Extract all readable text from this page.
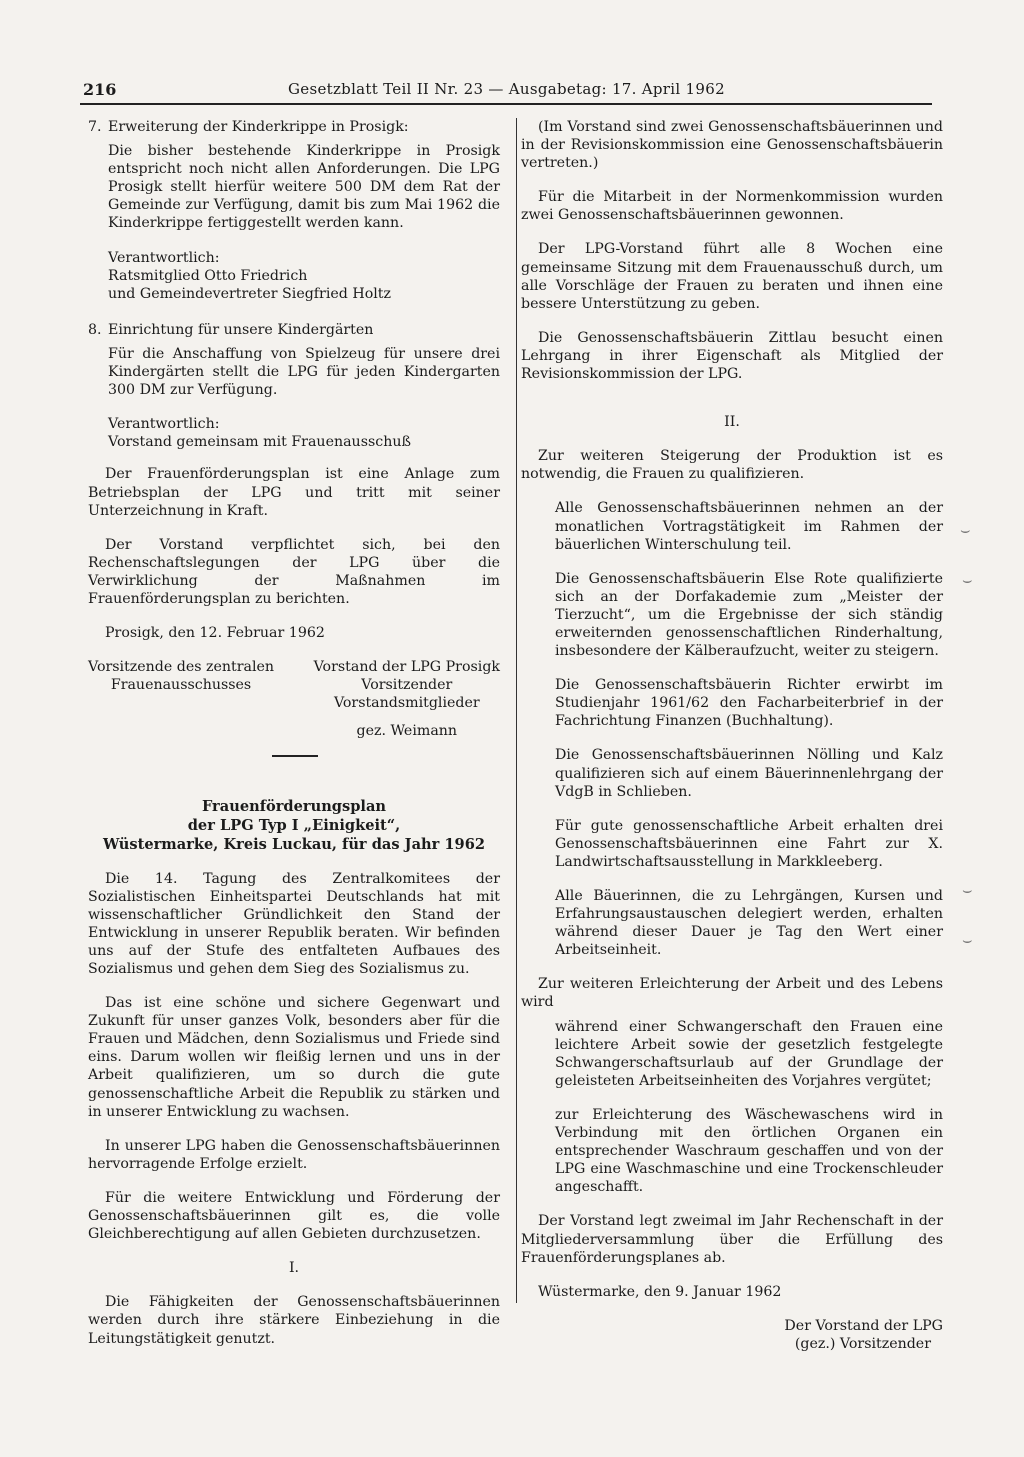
216	Gesetzblatt Teil II Nr. 23 — Ausgabetag: 17. April 1962
7. Erweiterung der Kinderkrippe in Prosigk:

Die bisher bestehende Kinderkrippe in Prosigk entspricht noch nicht allen Anforderungen. Die LPG Prosigk stellt hierfür weitere 500 DM dem Rat der Gemeinde zur Verfügung, damit bis zum Mai 1962 die Kinderkrippe fertiggestellt werden kann.

Verantwortlich:
Ratsmitglied Otto Friedrich
und Gemeindevertreter Siegfried Holtz
8. Einrichtung für unsere Kindergärten

Für die Anschaffung von Spielzeug für unsere drei Kindergärten stellt die LPG für jeden Kindergarten 300 DM zur Verfügung.

Verantwortlich:
Vorstand gemeinsam mit Frauenausschuß

Der Frauenförderungsplan ist eine Anlage zum Betriebsplan der LPG und tritt mit seiner Unterzeichnung in Kraft.

Der Vorstand verpflichtet sich, bei den Rechenschaftslegungen der LPG über die Verwirklichung der Maßnahmen im Frauenförderungsplan zu berichten.

Prosigk, den 12. Februar 1962

Vorsitzende des zentralen
Frauenausschusses
Vorstand der LPG Prosigk
Vorsitzender
Vorstandsmitglieder
gez. Weimann
Frauenförderungsplan
der LPG Typ I „Einigkeit“,
Wüstermarke, Kreis Luckau, für das Jahr 1962

Die 14. Tagung des Zentralkomitees der Sozialistischen Einheitspartei Deutschlands hat mit wissenschaftlicher Gründlichkeit den Stand der Entwicklung in unserer Republik beraten. Wir befinden uns auf der Stufe des entfalteten Aufbaues des Sozialismus und gehen dem Sieg des Sozialismus zu.

Das ist eine schöne und sichere Gegenwart und Zukunft für unser ganzes Volk, besonders aber für die Frauen und Mädchen, denn Sozialismus und Friede sind eins. Darum wollen wir fleißig lernen und uns in der Arbeit qualifizieren, um so durch die gute genossenschaftliche Arbeit die Republik zu stärken und in unserer Entwicklung zu wachsen.

In unserer LPG haben die Genossenschaftsbäuerinnen hervorragende Erfolge erzielt.

Für die weitere Entwicklung und Förderung der Genossenschaftsbäuerinnen gilt es, die volle Gleichberechtigung auf allen Gebieten durchzusetzen.

I.

Die Fähigkeiten der Genossenschaftsbäuerinnen werden durch ihre stärkere Einbeziehung in die Leitungstätigkeit genutzt.

(Im Vorstand sind zwei Genossenschaftsbäuerinnen und in der Revisionskommission eine Genossenschaftsbäuerin vertreten.)

Für die Mitarbeit in der Normenkommission wurden zwei Genossenschaftsbäuerinnen gewonnen.

Der LPG-Vorstand führt alle 8 Wochen eine gemeinsame Sitzung mit dem Frauenausschuß durch, um alle Vorschläge der Frauen zu beraten und ihnen eine bessere Unterstützung zu geben.

Die Genossenschaftsbäuerin Zittlau besucht einen Lehrgang in ihrer Eigenschaft als Mitglied der Revisionskommission der LPG.

II.

Zur weiteren Steigerung der Produktion ist es notwendig, die Frauen zu qualifizieren.

Alle Genossenschaftsbäuerinnen nehmen an der monatlichen Vortragstätigkeit im Rahmen der bäuerlichen Winterschulung teil.

Die Genossenschaftsbäuerin Else Rote qualifizierte sich an der Dorfakademie zum „Meister der Tierzucht“, um die Ergebnisse der sich ständig erweiternden genossenschaftlichen Rinderhaltung, insbesondere der Kälberaufzucht, weiter zu steigern.

Die Genossenschaftsbäuerin Richter erwirbt im Studienjahr 1961/62 den Facharbeiterbrief in der Fachrichtung Finanzen (Buchhaltung).

Die Genossenschaftsbäuerinnen Nölling und Kalz qualifizieren sich auf einem Bäuerinnenlehrgang der VdgB in Schlieben.

Für gute genossenschaftliche Arbeit erhalten drei Genossenschaftsbäuerinnen eine Fahrt zur X. Landwirtschaftsausstellung in Markkleeberg.

Alle Bäuerinnen, die zu Lehrgängen, Kursen und Erfahrungsaustauschen delegiert werden, erhalten während dieser Dauer je Tag den Wert einer Arbeitseinheit.

Zur weiteren Erleichterung der Arbeit und des Lebens wird

während einer Schwangerschaft den Frauen eine leichtere Arbeit sowie der gesetzlich festgelegte Schwangerschaftsurlaub auf der Grundlage der geleisteten Arbeitseinheiten des Vorjahres vergütet;

zur Erleichterung des Wäschewaschens wird in Verbindung mit den örtlichen Organen ein entsprechender Waschraum geschaffen und von der LPG eine Waschmaschine und eine Trockenschleuder angeschafft.

Der Vorstand legt zweimal im Jahr Rechenschaft in der Mitgliederversammlung über die Erfüllung des Frauenförderungsplanes ab.

Wüstermarke, den 9. Januar 1962

Der Vorstand der LPG
(gez.) Vorsitzender
⌣
⌣
⌣
⌣
